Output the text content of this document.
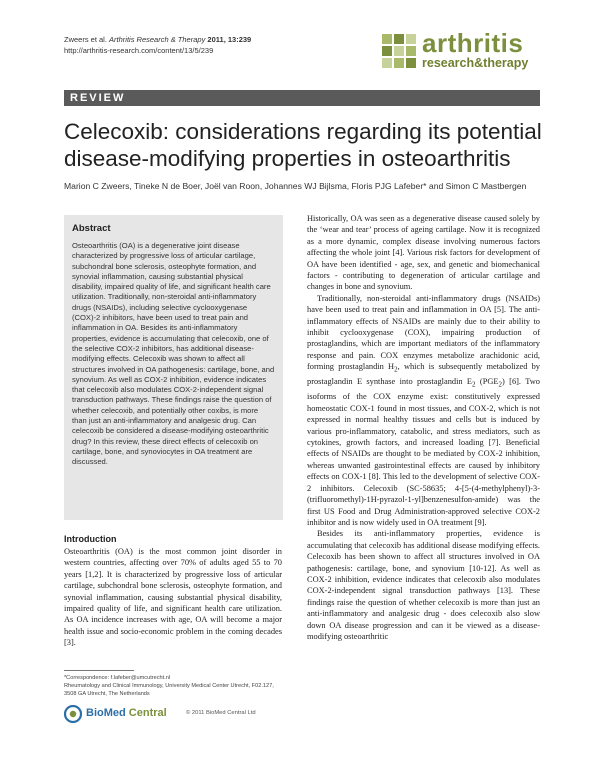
Zweers et al. Arthritis Research & Therapy 2011, 13:239
http://arthritis-research.com/content/13/5/239	arthritis
research&therapy
REVIEW
Celecoxib: considerations regarding its potential disease-modifying properties in osteoarthritis
Marion C Zweers, Tineke N de Boer, Joël van Roon, Johannes WJ Bijlsma, Floris PJG Lafeber* and Simon C Mastbergen
Abstract

Osteoarthritis (OA) is a degenerative joint disease characterized by progressive loss of articular cartilage, subchondral bone sclerosis, osteophyte formation, and synovial inflammation, causing substantial physical disability, impaired quality of life, and significant health care utilization. Traditionally, non-steroidal anti-inflammatory drugs (NSAIDs), including selective cyclooxygenase (COX)-2 inhibitors, have been used to treat pain and inflammation in OA. Besides its anti-inflammatory properties, evidence is accumulating that celecoxib, one of the selective COX-2 inhibitors, has additional disease-modifying effects. Celecoxib was shown to affect all structures involved in OA pathogenesis: cartilage, bone, and synovium. As well as COX-2 inhibition, evidence indicates that celecoxib also modulates COX-2-independent signal transduction pathways. These findings raise the question of whether celecoxib, and potentially other coxibs, is more than just an anti-inflammatory and analgesic drug. Can celecoxib be considered a disease-modifying osteoarthritic drug? In this review, these direct effects of celecoxib on cartilage, bone, and synoviocytes in OA treatment are discussed.

Introduction

Osteoarthritis (OA) is the most common joint disorder in western countries, affecting over 70% of adults aged 55 to 70 years [1,2]. It is characterized by progressive loss of articular cartilage, subchondral bone sclerosis, osteophyte formation, and synovial inflammation, causing substantial physical disability, impaired quality of life, and significant health care utilization. As OA incidence increases with age, OA will become a major health issue and socio-economic problem in the coming decades [3].

*Correspondence: f.lafeber@umcutrecht.nl
Rheumatology and Clinical Immunology, University Medical Center Utrecht, F02.127, 3508 GA Utrecht, The Netherlands
BioMed Central	© 2011 BioMed Central Ltd

Historically, OA was seen as a degenerative disease caused solely by the ‘wear and tear’ process of ageing cartilage. Now it is recognized as a more dynamic, complex disease involving numerous factors affecting the whole joint [4]. Various risk factors for development of OA have been identified - age, sex, and genetic and biomechanical factors - contributing to degeneration of articular cartilage and changes in bone and synovium.

Traditionally, non-steroidal anti-inflammatory drugs (NSAIDs) have been used to treat pain and inflammation in OA [5]. The anti-inflammatory effects of NSAIDs are mainly due to their ability to inhibit cyclooxygenase (COX), impairing production of prostaglandins, which are important mediators of the inflammatory response and pain. COX enzymes metabolize arachidonic acid, forming prostaglandin $H_2$, which is subsequently metabolized by prostaglandin E synthase into prostaglandin $E_2$ $(PGE_2)$ [6]. Two isoforms of the COX enzyme exist: constitutively expressed homeostatic COX-1 found in most tissues, and COX-2, which is not expressed in normal healthy tissues and cells but is induced by various pro-inflammatory, catabolic, and stress mediators, such as cytokines, growth factors, and increased loading [7]. Beneficial effects of NSAIDs are thought to be mediated by COX-2 inhibition, whereas unwanted gastrointestinal effects are caused by inhibitory effects on COX-1 [8]. This led to the development of selective COX-2 inhibitors. Celecoxib (SC-58635; 4-[5-(4-methylphenyl)-3-(trifluoromethyl)-1H-pyrazol-1-yl]benzenesulfon-amide) was the first US Food and Drug Administration-approved selective COX-2 inhibitor and is now widely used in OA treatment [9].

Besides its anti-inflammatory properties, evidence is accumulating that celecoxib has additional disease modifying effects. Celecoxib has been shown to affect all structures involved in OA pathogenesis: cartilage, bone, and synovium [10-12]. As well as COX-2 inhibition, evidence indicates that celecoxib also modulates COX-2-independent signal transduction pathways [13]. These findings raise the question of whether celecoxib is more than just an anti-inflammatory and analgesic drug - does celecoxib also slow down OA disease progression and can it be viewed as a disease-modifying osteoarthritic
